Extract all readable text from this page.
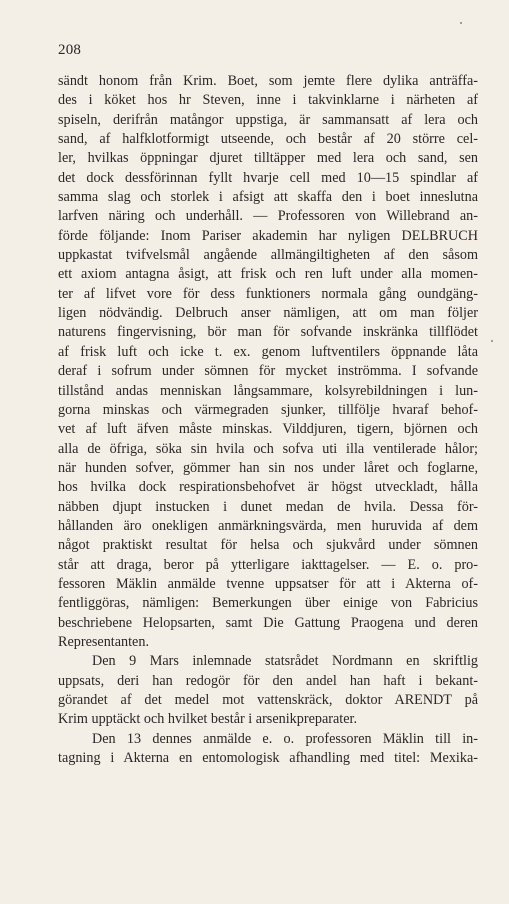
208
sändt honom från Krim. Boet, som jemte flere dylika anträffa-
des i köket hos hr Steven, inne i takvinklarne i närheten af
spiseln, derifrån matångor uppstiga, är sammansatt af lera och
sand, af halfklotformigt utseende, och består af 20 större cel-
ler, hvilkas öppningar djuret tilltäpper med lera och sand, sen
det dock dessförinnan fyllt hvarje cell med 10—15 spindlar af
samma slag och storlek i afsigt att skaffa den i boet inneslutna
larfven näring och underhåll. — Professoren von Willebrand an-
förde följande: Inom Pariser akademin har nyligen DELBRUCH
uppkastat tvifvelsmål angående allmängiltigheten af den såsom
ett axiom antagna åsigt, att frisk och ren luft under alla momen-
ter af lifvet vore för dess funktioners normala gång oundgäng-
ligen nödvändig. Delbruch anser nämligen, att om man följer
naturens fingervisning, bör man för sofvande inskränka tillflödet
af frisk luft och icke t. ex. genom luftventilers öppnande låta
deraf i sofrum under sömnen för mycket inströmma. I sofvande
tillstånd andas menniskan långsammare, kolsyrebildningen i lun-
gorna minskas och värmegraden sjunker, tillfölje hvaraf behof-
vet af luft äfven måste minskas. Vilddjuren, tigern, björnen och
alla de öfriga, söka sin hvila och sofva uti illa ventilerade hålor;
när hunden sofver, gömmer han sin nos under låret och foglarne,
hos hvilka dock respirationsbehofvet är högst utveckladt, hålla
näbben djupt instucken i dunet medan de hvila. Dessa för-
hållanden äro onekligen anmärkningsvärda, men huruvida af dem
något praktiskt resultat för helsa och sjukvård under sömnen
står att draga, beror på ytterligare iakttagelser. — E. o. pro-
fessoren Mäklin anmälde tvenne uppsatser för att i Akterna of-
fentliggöras, nämligen: Bemerkungen über einige von Fabricius
beschriebene Helopsarten, samt Die Gattung Praogena und deren
Representanten.
Den 9 Mars inlemnade statsrådet Nordmann en skriftlig
uppsats, deri han redogör för den andel han haft i bekant-
görandet af det medel mot vattenskräck, doktor ARENDT på
Krim upptäckt och hvilket består i arsenikpreparater.
Den 13 dennes anmälde e. o. professoren Mäklin till in-
tagning i Akterna en entomologisk afhandling med titel: Mexika-
